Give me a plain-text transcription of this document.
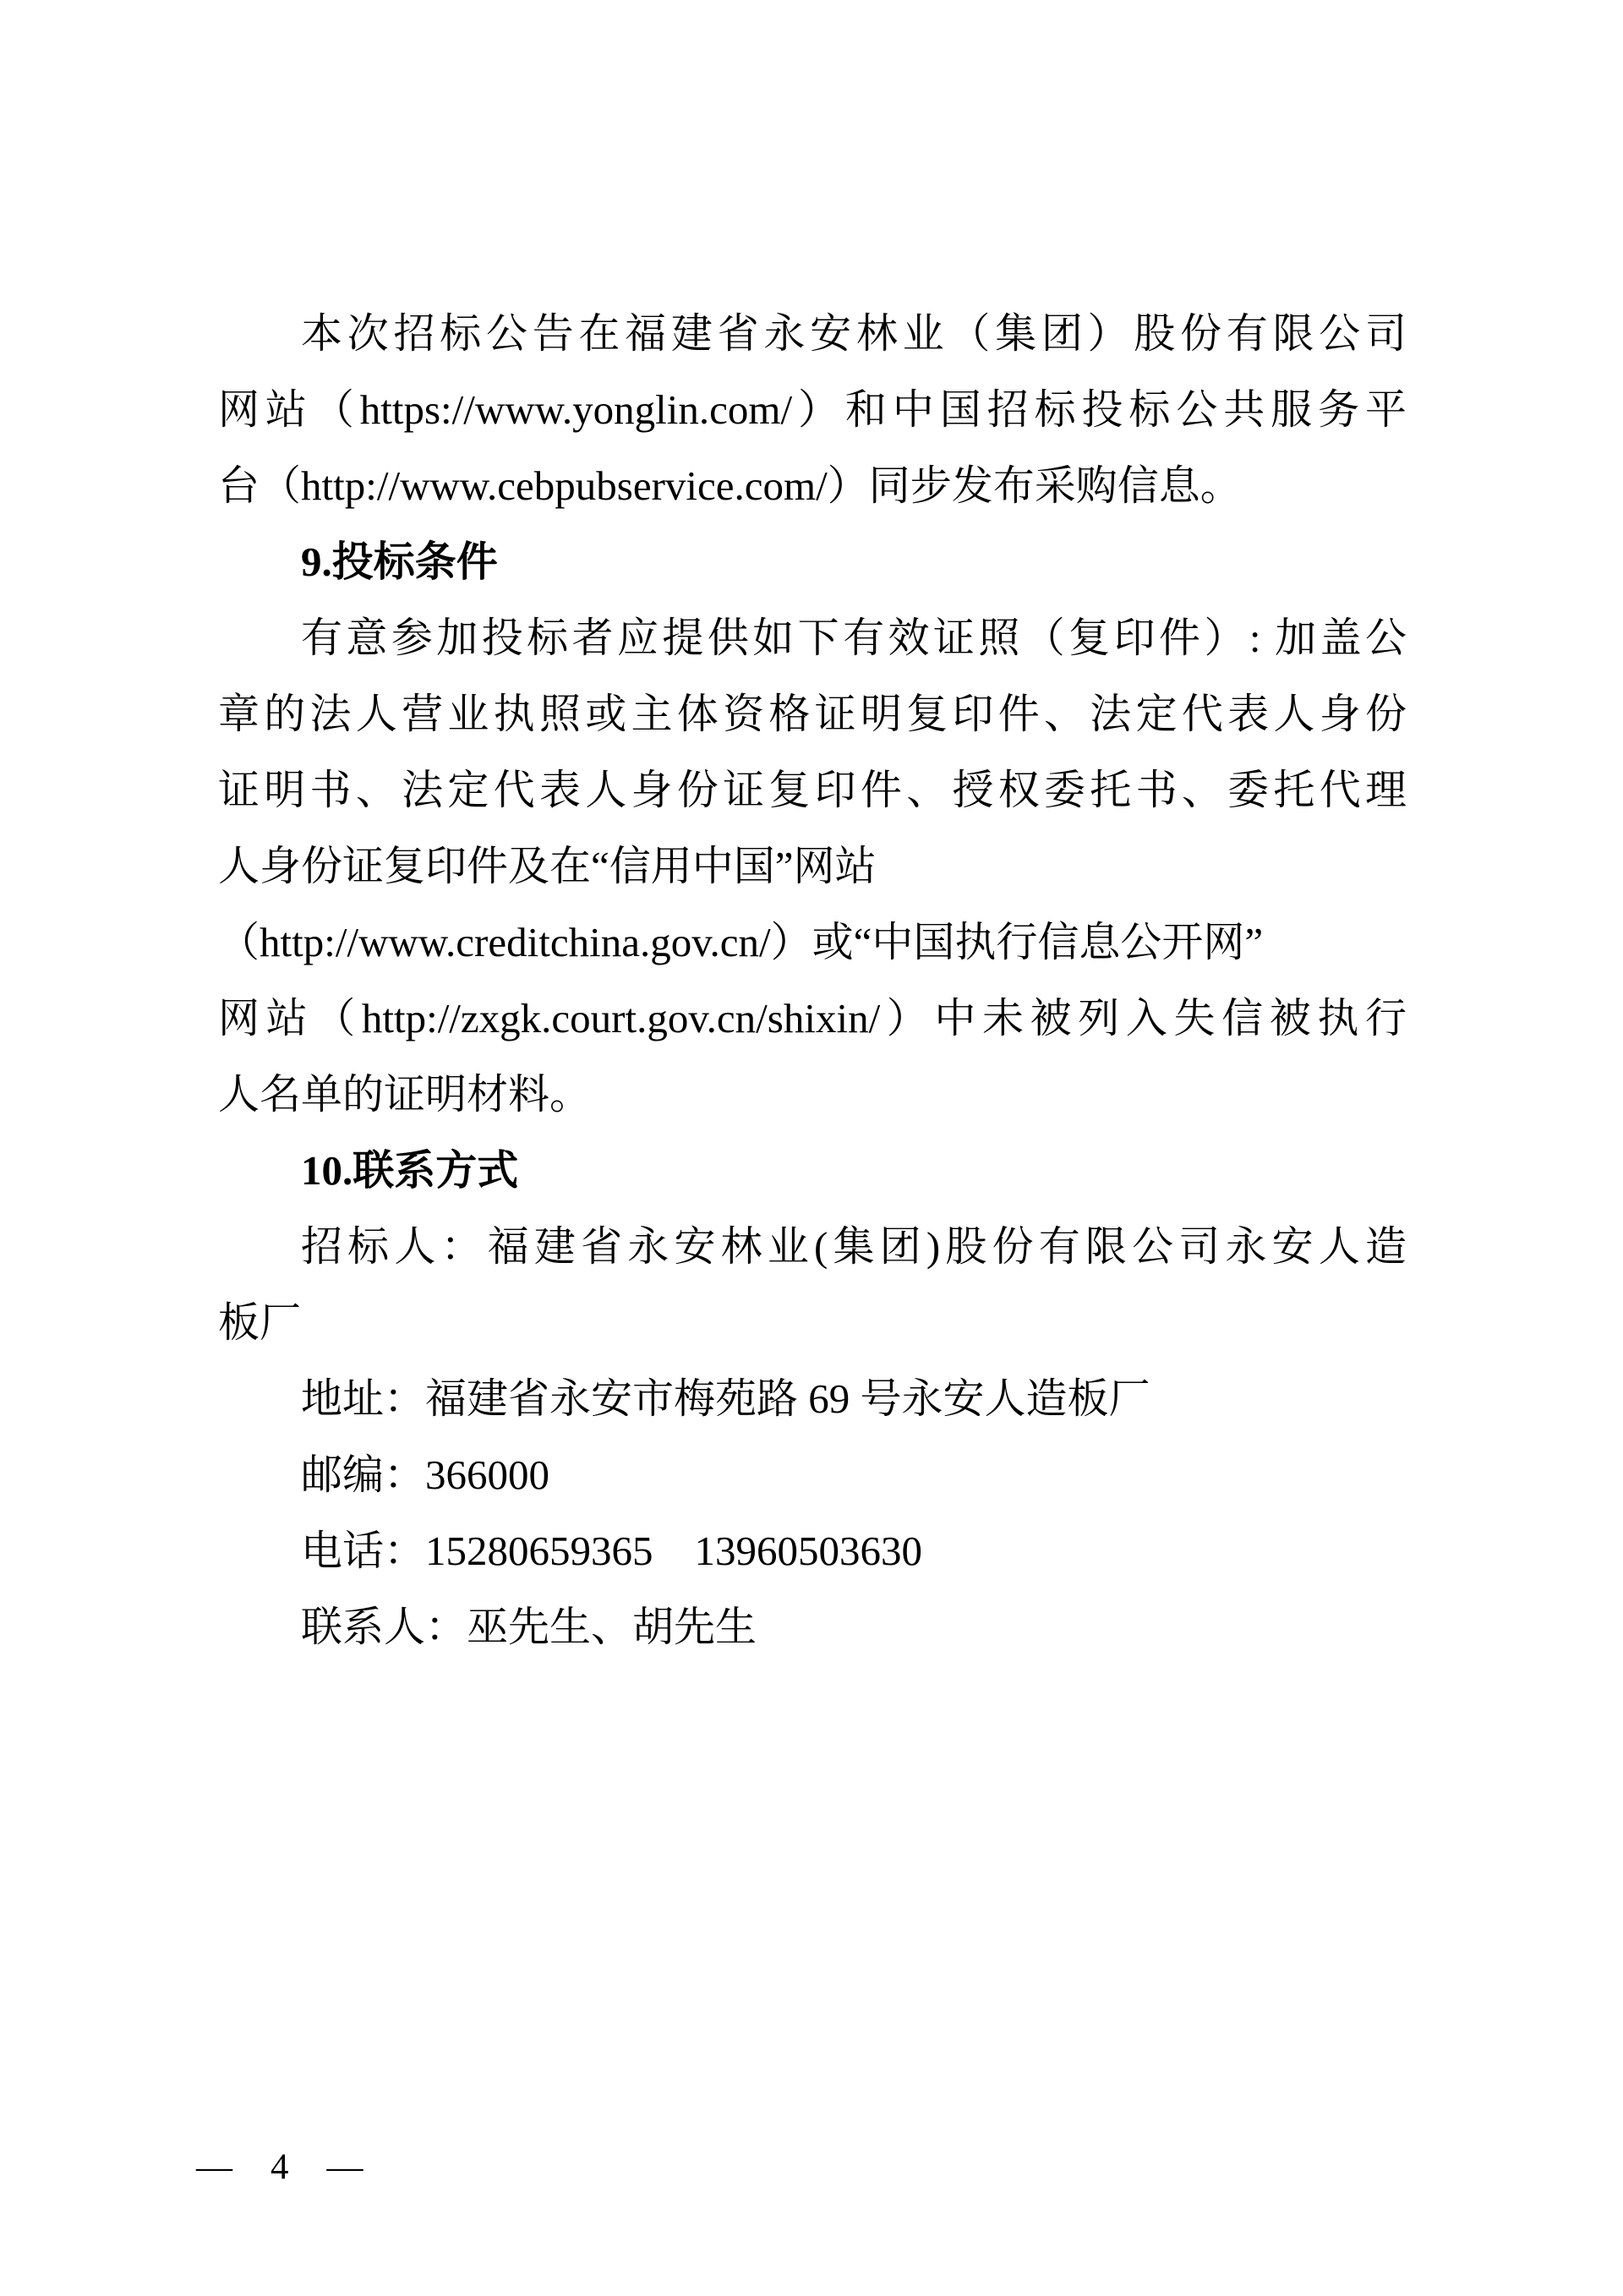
本次招标公告在福建省永安林业（集团）股份有限公司

网站（https://www.yonglin.com/）和中国招标投标公共服务平

台（http://www.cebpubservice.com/）同步发布采购信息。

9.投标条件

有意参加投标者应提供如下有效证照（复印件）: 加盖公

章的法人营业执照或主体资格证明复印件、法定代表人身份

证明书、法定代表人身份证复印件、授权委托书、委托代理

人身份证复印件及在“信用中国”网站

（http://www.creditchina.gov.cn/）或“中国执行信息公开网”

网站（http://zxgk.court.gov.cn/shixin/）中未被列入失信被执行

人名单的证明材料。

10.联系方式

招标人：福建省永安林业(集团)股份有限公司永安人造

板厂

地址：福建省永安市梅苑路 69 号永安人造板厂

邮编：366000

电话：15280659365　13960503630

联系人：巫先生、胡先生

— 4 —
